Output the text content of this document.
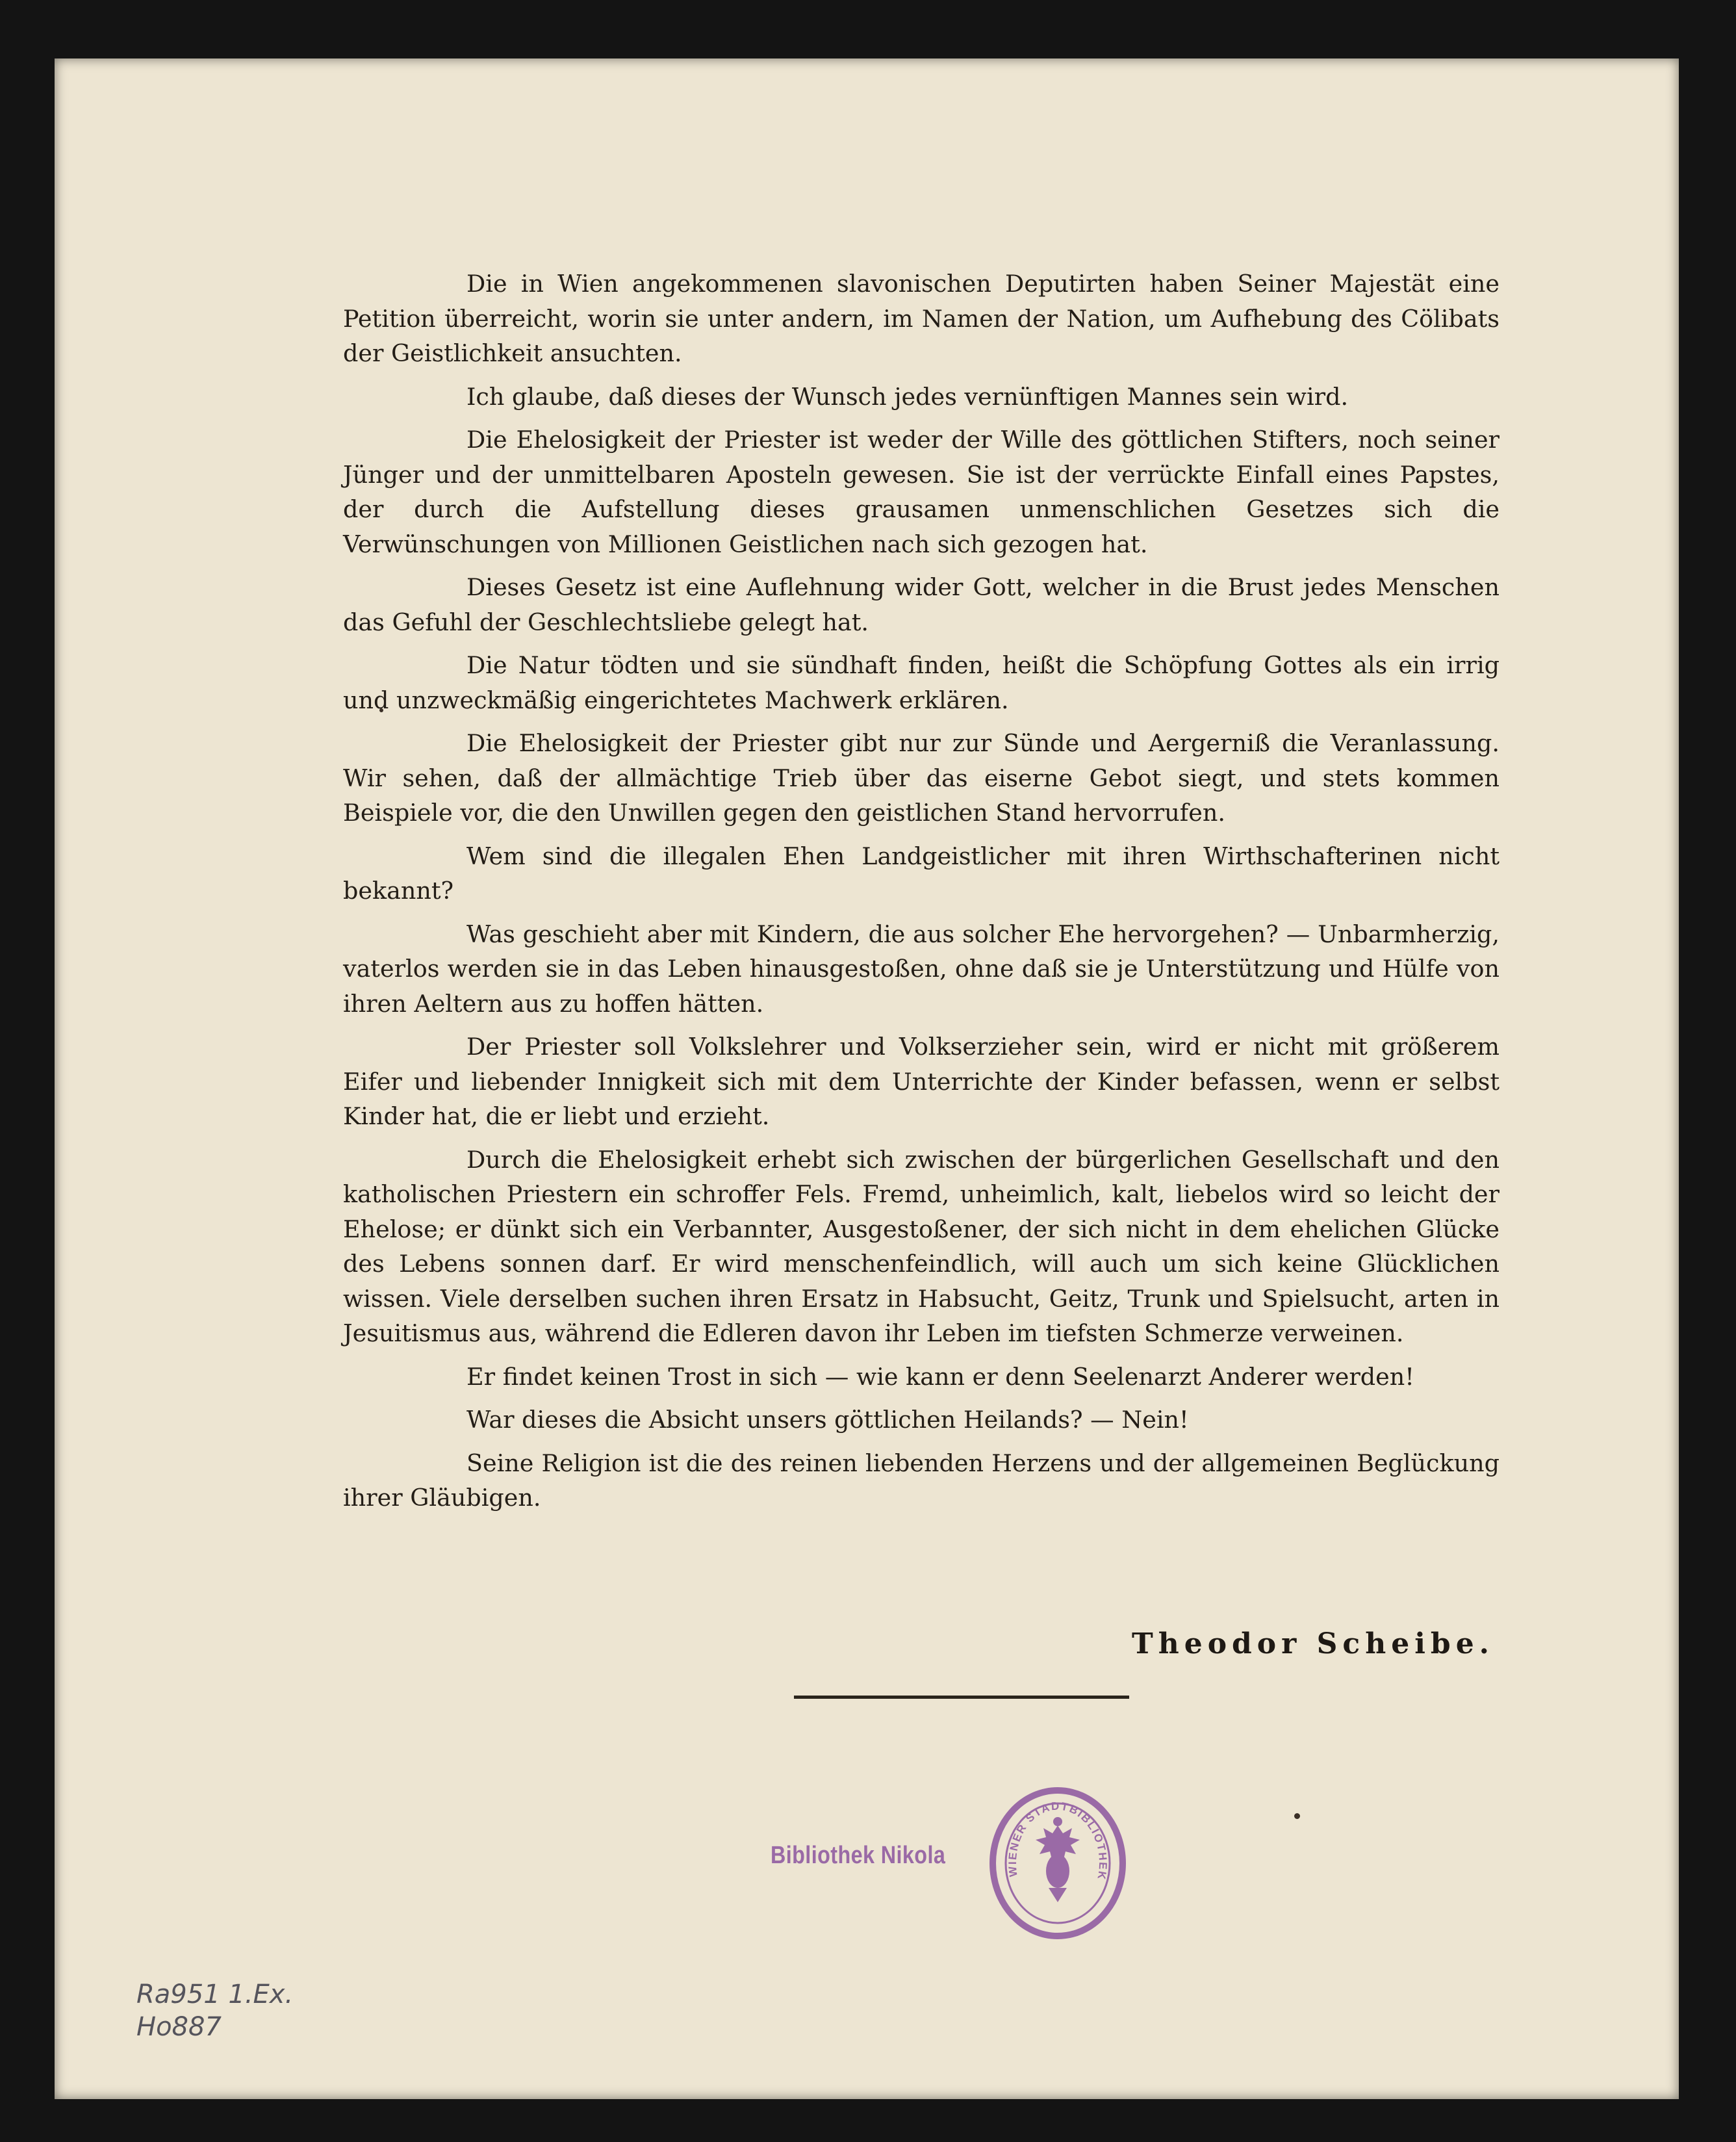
Die in Wien angekommenen slavonischen Deputirten haben Seiner Majestät eine Petition überreicht, worin sie unter andern, im Namen der Nation, um Aufhebung des Cölibats der Geistlichkeit ansuchten.

Ich glaube, daß dieses der Wunsch jedes vernünftigen Mannes sein wird.

Die Ehelosigkeit der Priester ist weder der Wille des göttlichen Stifters, noch seiner Jünger und der unmittelbaren Aposteln gewesen. Sie ist der verrückte Einfall eines Papstes, der durch die Aufstellung dieses grausamen unmenschlichen Gesetzes sich die Verwünschungen von Millionen Geistlichen nach sich gezogen hat.

Dieses Gesetz ist eine Auflehnung wider Gott, welcher in die Brust jedes Menschen das Gefuhl der Geschlechtsliebe gelegt hat.

Die Natur tödten und sie sündhaft finden, heißt die Schöpfung Gottes als ein irrig und unzweckmäßig eingerichtetes Machwerk erklären.

Die Ehelosigkeit der Priester gibt nur zur Sünde und Aergerniß die Veranlassung. Wir sehen, daß der allmächtige Trieb über das eiserne Gebot siegt, und stets kommen Beispiele vor, die den Unwillen gegen den geistlichen Stand hervorrufen.

Wem sind die illegalen Ehen Landgeistlicher mit ihren Wirthschafterinen nicht bekannt?

Was geschieht aber mit Kindern, die aus solcher Ehe hervorgehen? — Unbarmherzig, vaterlos werden sie in das Leben hinausgestoßen, ohne daß sie je Unterstützung und Hülfe von ihren Aeltern aus zu hoffen hätten.

Der Priester soll Volkslehrer und Volkserzieher sein, wird er nicht mit größerem Eifer und liebender Innigkeit sich mit dem Unterrichte der Kinder befassen, wenn er selbst Kinder hat, die er liebt und erzieht.

Durch die Ehelosigkeit erhebt sich zwischen der bürgerlichen Gesellschaft und den katholischen Priestern ein schroffer Fels. Fremd, unheimlich, kalt, liebelos wird so leicht der Ehelose; er dünkt sich ein Verbannter, Ausgestoßener, der sich nicht in dem ehelichen Glücke des Lebens sonnen darf. Er wird menschenfeindlich, will auch um sich keine Glücklichen wissen. Viele derselben suchen ihren Ersatz in Habsucht, Geitz, Trunk und Spielsucht, arten in Jesuitismus aus, während die Edleren davon ihr Leben im tiefsten Schmerze verweinen.

Er findet keinen Trost in sich — wie kann er denn Seelenarzt Anderer werden!

War dieses die Absicht unsers göttlichen Heilands? — Nein!

Seine Religion ist die des reinen liebenden Herzens und der allgemeinen Beglückung ihrer Gläubigen.

Theodor Scheibe.
Bibliothek Nikola
WIENER STADTBIBLIOTHEK
Ra951 1.Ex.
Ho887
